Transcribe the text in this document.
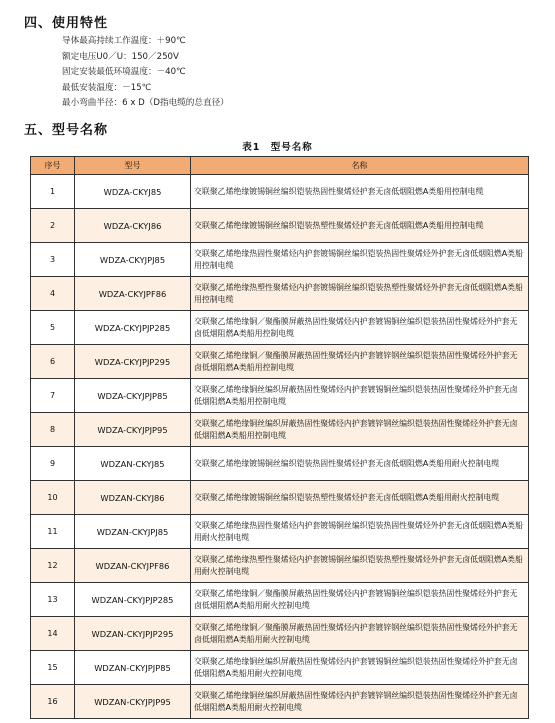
四、使用特性
导体最高持续工作温度：＋90℃
额定电压U0／U：150／250V
固定安装最低环境温度：－40℃
最低安装温度：－15℃
最小弯曲半径：6 x D（D指电缆的总直径）
五、型号名称
表1　型号名称
序号	型号	名称
1	WDZA-CKYJ85	交联聚乙烯绝缘镀锡铜丝编织铠装热固性聚烯烃护套无卤低烟阻燃A类船用控制电缆
2	WDZA-CKYJ86	交联聚乙烯绝缘镀锡铜丝编织铠装热塑性聚烯烃护套无卤低烟阻燃A类船用控制电缆
3	WDZA-CKYJPJ85	交联聚乙烯绝缘热固性聚烯烃内护套镀锡铜丝编织铠装热固性聚烯烃外护套无卤低烟阻燃A类船用控制电缆
4	WDZA-CKYJPF86	交联聚乙烯绝缘热塑性聚烯烃内护套镀锡铜丝编织铠装热塑性聚烯烃外护套无卤低烟阻燃A类船用控制电缆
5	WDZA-CKYJPJP285	交联聚乙烯绝缘铜／聚酯膜屏蔽热固性聚烯烃内护套镀锡铜丝编织铠装热固性聚烯烃外护套无卤低烟阻燃A类船用控制电缆
6	WDZA-CKYJPJP295	交联聚乙烯绝缘铜／聚酯膜屏蔽热固性聚烯烃内护套镀锌钢丝编织铠装热固性聚烯烃外护套无卤低烟阻燃A类船用控制电缆
7	WDZA-CKYJPJP85	交联聚乙烯绝缘铜丝编织屏蔽热固性聚烯烃内护套镀锡铜丝编织铠装热固性聚烯烃外护套无卤低烟阻燃A类船用控制电缆
8	WDZA-CKYJPJP95	交联聚乙烯绝缘铜丝编织屏蔽热固性聚烯烃内护套镀锌钢丝编织铠装热固性聚烯烃外护套无卤低烟阻燃A类船用控制电缆
9	WDZAN-CKYJ85	交联聚乙烯绝缘镀锡铜丝编织铠装热固性聚烯烃护套无卤低烟阻燃A类船用耐火控制电缆
10	WDZAN-CKYJ86	交联聚乙烯绝缘镀锡铜丝编织铠装热塑性聚烯烃护套无卤低烟阻燃A类船用耐火控制电缆
11	WDZAN-CKYJPJ85	交联聚乙烯绝缘热固性聚烯烃内护套镀锡铜丝编织铠装热固性聚烯烃外护套无卤低烟阻燃A类船用耐火控制电缆
12	WDZAN-CKYJPF86	交联聚乙烯绝缘热塑性聚烯烃内护套镀锡铜丝编织铠装热塑性聚烯烃外护套无卤低烟阻燃A类船用耐火控制电缆
13	WDZAN-CKYJPJP285	交联聚乙烯绝缘铜／聚酯膜屏蔽热固性聚烯烃内护套镀锡铜丝编织铠装热固性聚烯烃外护套无卤低烟阻燃A类船用耐火控制电缆
14	WDZAN-CKYJPJP295	交联聚乙烯绝缘铜／聚酯膜屏蔽热固性聚烯烃内护套镀锌钢丝编织铠装热固性聚烯烃外护套无卤低烟阻燃A类船用耐火控制电缆
15	WDZAN-CKYJPJP85	交联聚乙烯绝缘铜丝编织屏蔽热固性聚烯烃内护套镀锡铜丝编织铠装热固性聚烯烃外护套无卤低烟阻燃A类船用耐火控制电缆
16	WDZAN-CKYJPJP95	交联聚乙烯绝缘铜丝编织屏蔽热固性聚烯烃内护套镀锌钢丝编织铠装热固性聚烯烃外护套无卤低烟阻燃A类船用耐火控制电缆
